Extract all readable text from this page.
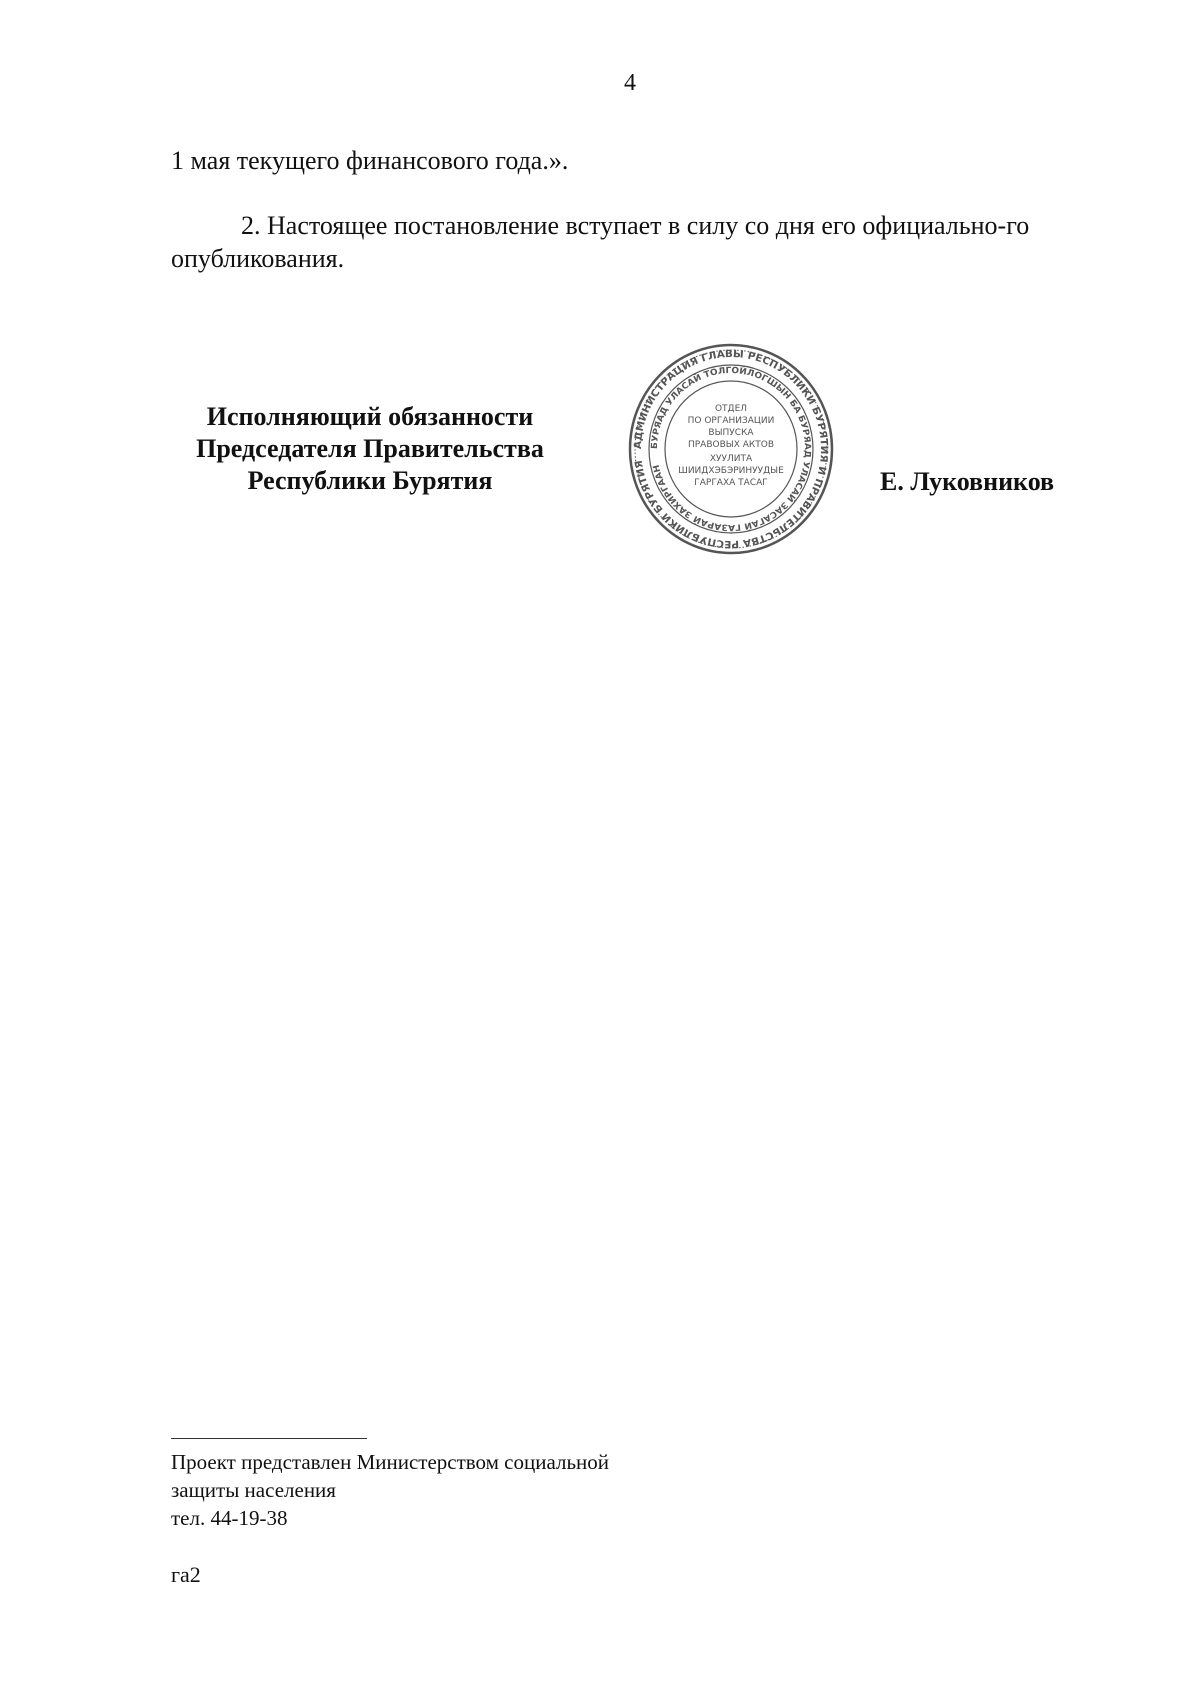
4

1 мая текущего финансового года.».

2. Настоящее постановление вступает в силу со дня его официально-го опубликования.

Исполняющий обязанности
Председателя Правительства
Республики Бурятия
АДМИНИСТРАЦИЯ ГЛАВЫ РЕСПУБЛИКИ БУРЯТИЯ И ПРАВИТЕЛЬСТВА РЕСПУБЛИКИ БУРЯТИЯ
БУРЯАД УЛАСАЙ ТОЛГОЙЛОГШЫН БА БУРЯАД УЛАСАЙ ЗАСАГАЙ ГАЗАРАЙ ЗАХИРГААН
ОТДЕЛ
ПО ОРГАНИЗАЦИИ
ВЫПУСКА
ПРАВОВЫХ АКТОВ
ХУУЛИТА
ШИИДХЭБЭРИНУУДЫЕ
ГАРГАХА ТАСАГ	Е. Луковников
Проект представлен Министерством социальной
защиты населения
тел. 44-19-38
га2
